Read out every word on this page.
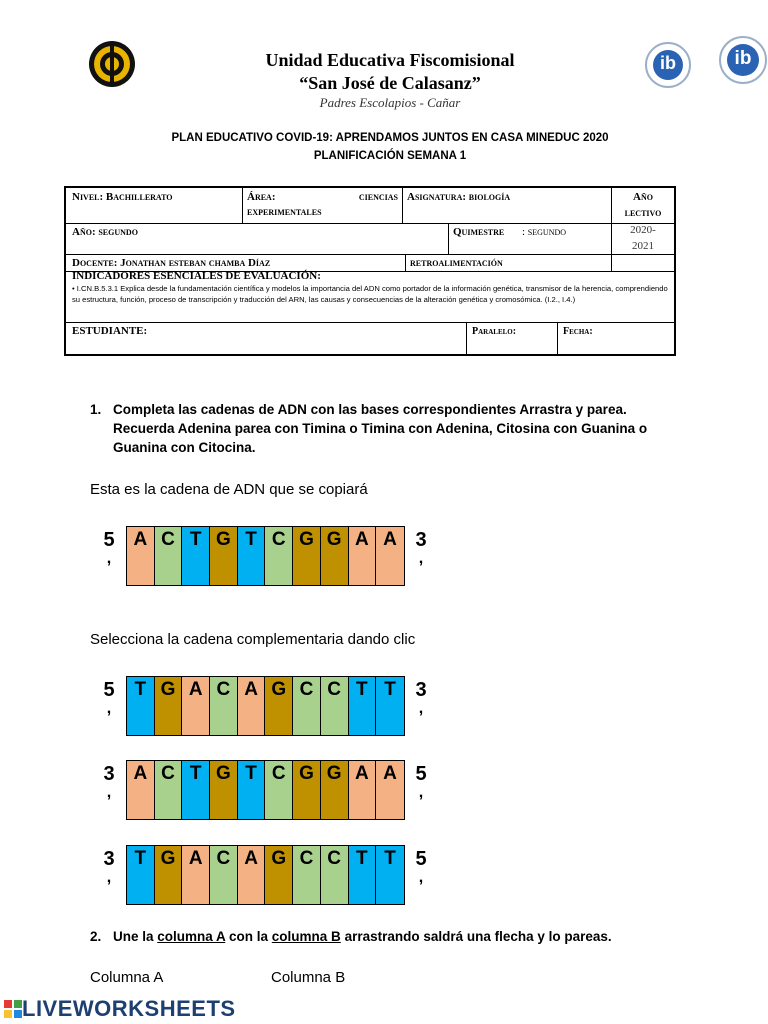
ib	ib
Unidad Educativa Fiscomisional
“San José de Calasanz”
Padres Escolapios - Cañar
PLAN EDUCATIVO COVID-19: APRENDAMOS JUNTOS EN CASA MINEDUC 2020
PLANIFICACIÓN SEMANA 1
Nivel: Bachillerato	Área:	ciencias
experimentales
Asignatura: biología	Año
lectivo
Año: segundo	Quimestre	: segundo	2020-
2021
Docente: Jonathan esteban chamba Díaz	retroalimentación
INDICADORES ESENCIALES DE EVALUACIÓN:
• I.CN.B.5.3.1 Explica desde la fundamentación científica y modelos la importancia del ADN como portador de la información genética, transmisor de la herencia, comprendiendo su estructura, función, proceso de transcripción y traducción del ARN, las causas y consecuencias de la alteración genética y cromosómica. (I.2., I.4.)
ESTUDIANTE:	Paralelo:	Fecha:
1. Completa las cadenas de ADN con las bases correspondientes Arrastra y parea. Recuerda Adenina parea con Timina o Timina con Adenina, Citosina con Guanina o Guanina con Citocina.
Esta es la cadena de ADN que se copiará
5
,
A C T G T C G G A A 3
,
Selecciona la cadena complementaria dando clic
5
,
T G A C A G C C T T 3
,
3
,
A C T G T C G G A A 5
,
3
,
T G A C A G C C T T 5
,
2. Une la columna A con la columna B arrastrando saldrá una flecha y lo pareas.
Columna A	Columna B
LIVEWORKSHEETS
